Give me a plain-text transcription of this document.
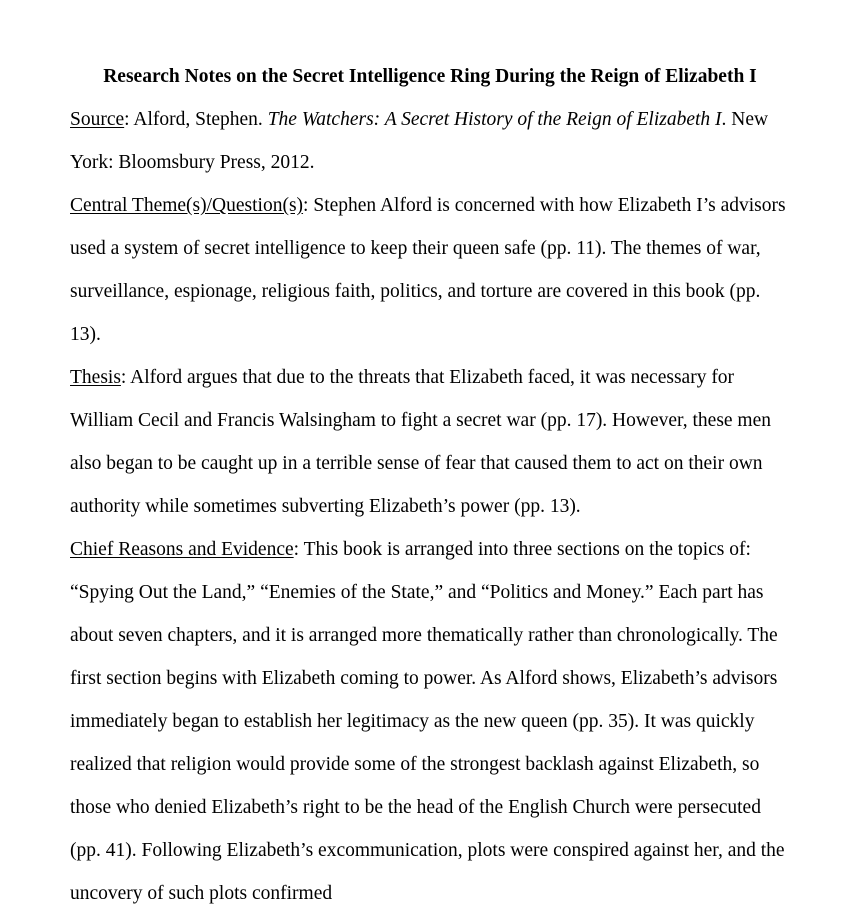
Research Notes on the Secret Intelligence Ring During the Reign of Elizabeth I

Source: Alford, Stephen. The Watchers: A Secret History of the Reign of Elizabeth I. New York: Bloomsbury Press, 2012.

Central Theme(s)/Question(s): Stephen Alford is concerned with how Elizabeth I’s advisors used a system of secret intelligence to keep their queen safe (pp. 11). The themes of war, surveillance, espionage, religious faith, politics, and torture are covered in this book (pp. 13).

Thesis: Alford argues that due to the threats that Elizabeth faced, it was necessary for William Cecil and Francis Walsingham to fight a secret war (pp. 17). However, these men also began to be caught up in a terrible sense of fear that caused them to act on their own authority while sometimes subverting Elizabeth’s power (pp. 13).

Chief Reasons and Evidence: This book is arranged into three sections on the topics of: “Spying Out the Land,” “Enemies of the State,” and “Politics and Money.” Each part has about seven chapters, and it is arranged more thematically rather than chronologically. The first section begins with Elizabeth coming to power. As Alford shows, Elizabeth’s advisors immediately began to establish her legitimacy as the new queen (pp. 35). It was quickly realized that religion would provide some of the strongest backlash against Elizabeth, so those who denied Elizabeth’s right to be the head of the English Church were persecuted (pp. 41). Following Elizabeth’s excommunication, plots were conspired against her, and the uncovery of such plots confirmed
